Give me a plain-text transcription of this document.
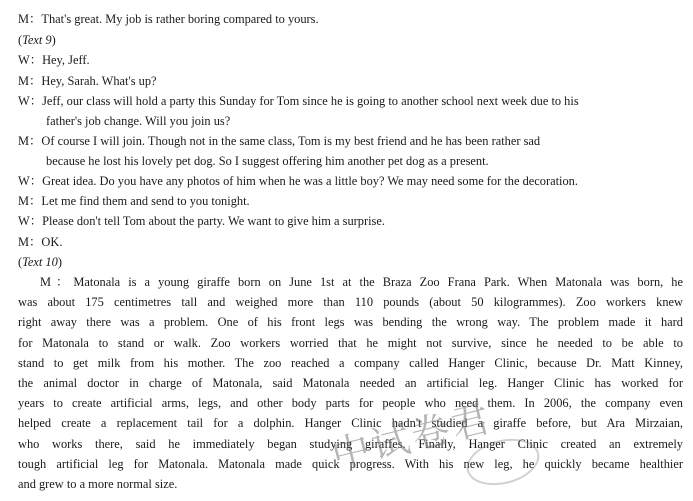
M：That's great. My job is rather boring compared to yours.
(Text 9)
W：Hey, Jeff.
M：Hey, Sarah. What's up?
W：Jeff, our class will hold a party this Sunday for Tom since he is going to another school next week due to his
father's job change. Will you join us?
M：Of course I will join. Though not in the same class, Tom is my best friend and he has been rather sad
because he lost his lovely pet dog. So I suggest offering him another pet dog as a present.
W：Great idea. Do you have any photos of him when he was a little boy? We may need some for the decoration.
M：Let me find them and send to you tonight.
W：Please don't tell Tom about the party. We want to give him a surprise.
M：OK.
(Text 10)
M：Matonala is a young giraffe born on June 1st at the Braza Zoo Frana Park. When Matonala was born, he
was about 175 centimetres tall and weighed more than 110 pounds (about 50 kilogrammes). Zoo workers knew
right away there was a problem. One of his front legs was bending the wrong way. The problem made it hard
for Matonala to stand or walk. Zoo workers worried that he might not survive, since he needed to be able to
stand to get milk from his mother. The zoo reached a company called Hanger Clinic, because Dr. Matt Kinney,
the animal doctor in charge of Matonala, said Matonala needed an artificial leg. Hanger Clinic has worked for
years to create artificial arms, legs, and other body parts for people who need them. In 2006, the company even
helped create a replacement tail for a dolphin. Hanger Clinic hadn't studied a giraffe before, but Ara Mirzaian,
who works there, said he immediately began studying giraffes. Finally, Hanger Clinic created an extremely
tough artificial leg for Matonala. Matonala made quick progress. With his new leg, he quickly became healthier
and grew to a more normal size.
中试卷君
